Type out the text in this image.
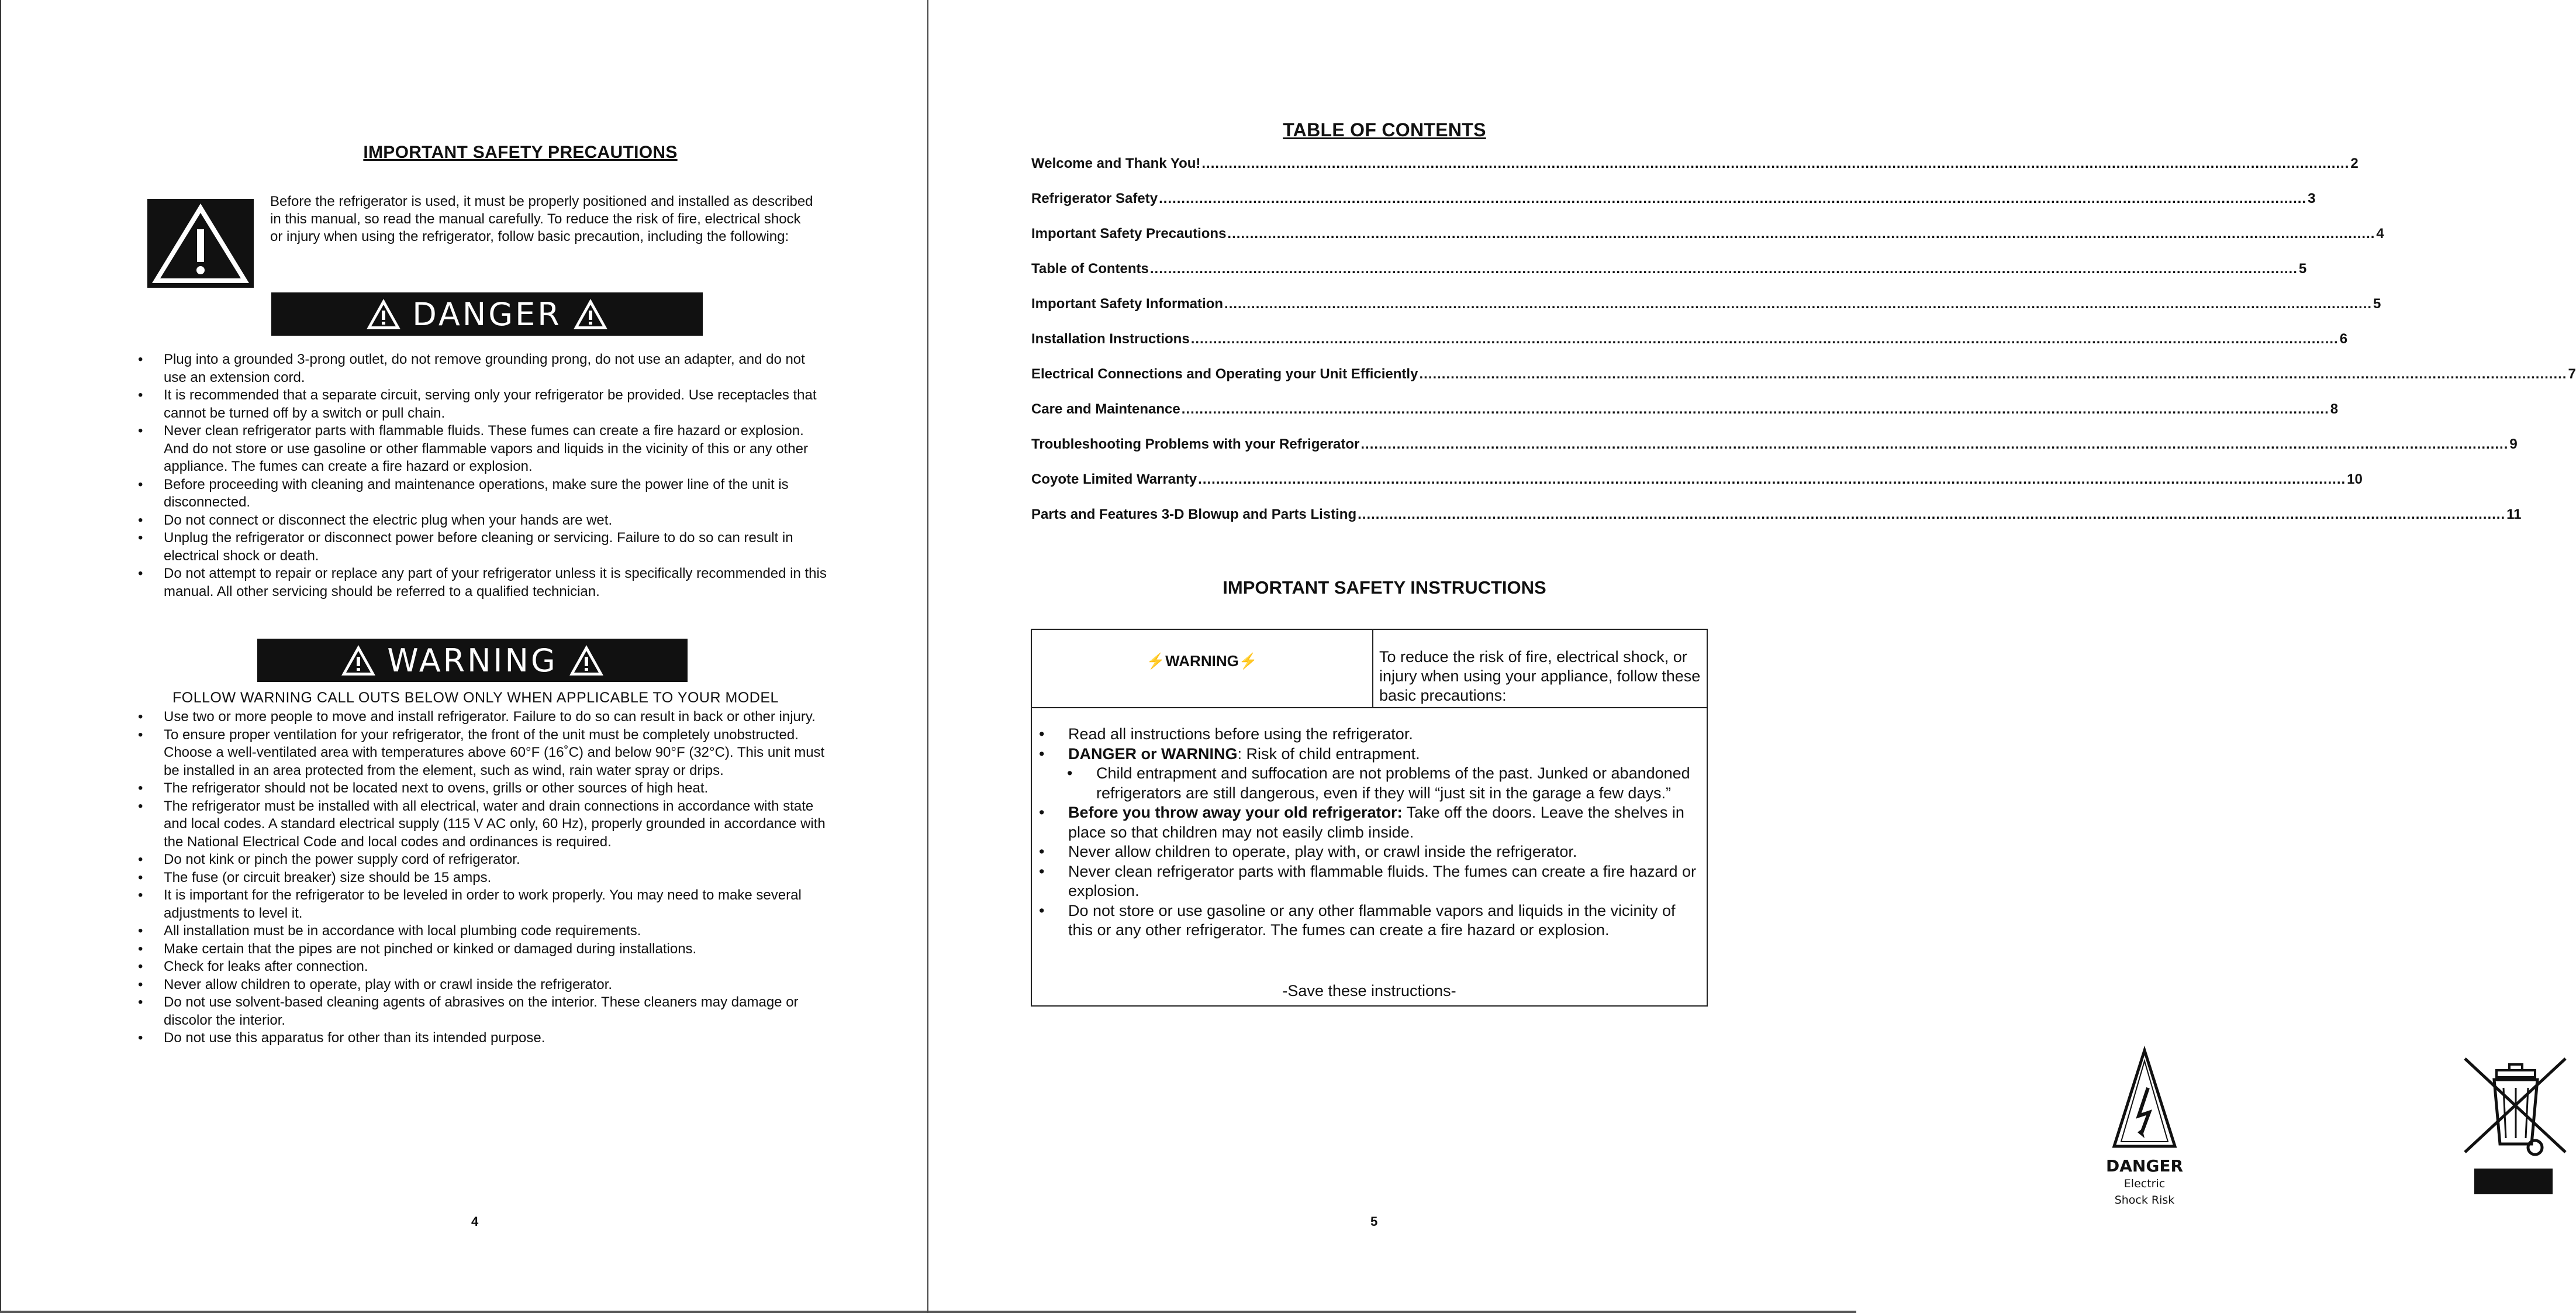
IMPORTANT SAFETY PRECAUTIONS
Before the refrigerator is used, it must be properly positioned and installed as described in this manual, so read the manual carefully. To reduce the risk of fire, electrical shock or injury when using the refrigerator, follow basic precaution, including the following:
DANGER
• Plug into a grounded 3-prong outlet, do not remove grounding prong, do not use an adapter, and do not use an extension cord.
• It is recommended that a separate circuit, serving only your refrigerator be provided. Use receptacles that cannot be turned off by a switch or pull chain.
• Never clean refrigerator parts with flammable fluids. These fumes can create a fire hazard or explosion. And do not store or use gasoline or other flammable vapors and liquids in the vicinity of this or any other appliance. The fumes can create a fire hazard or explosion.
• Before proceeding with cleaning and maintenance operations, make sure the power line of the unit is disconnected.
• Do not connect or disconnect the electric plug when your hands are wet.
• Unplug the refrigerator or disconnect power before cleaning or servicing. Failure to do so can result in electrical shock or death.
• Do not attempt to repair or replace any part of your refrigerator unless it is specifically recommended in this manual. All other servicing should be referred to a qualified technician.
WARNING
FOLLOW WARNING CALL OUTS BELOW ONLY WHEN APPLICABLE TO YOUR MODEL
• Use two or more people to move and install refrigerator. Failure to do so can result in back or other injury.
• To ensure proper ventilation for your refrigerator, the front of the unit must be completely unobstructed. Choose a well-ventilated area with temperatures above 60°F (16˚C) and below 90°F (32°C). This unit must be installed in an area protected from the element, such as wind, rain water spray or drips.
• The refrigerator should not be located next to ovens, grills or other sources of high heat.
• The refrigerator must be installed with all electrical, water and drain connections in accordance with state and local codes. A standard electrical supply (115 V AC only, 60 Hz), properly grounded in accordance with the National Electrical Code and local codes and ordinances is required.
• Do not kink or pinch the power supply cord of refrigerator.
• The fuse (or circuit breaker) size should be 15 amps.
• It is important for the refrigerator to be leveled in order to work properly. You may need to make several adjustments to level it.
• All installation must be in accordance with local plumbing code requirements.
• Make certain that the pipes are not pinched or kinked or damaged during installations.
• Check for leaks after connection.
• Never allow children to operate, play with or crawl inside the refrigerator.
• Do not use solvent-based cleaning agents of abrasives on the interior. These cleaners may damage or discolor the interior.
• Do not use this apparatus for other than its intended purpose.
4
TABLE OF CONTENTS
Welcome and Thank You! .....	2
Refrigerator Safety .....	3
Important Safety Precautions .....	4
Table of Contents .....	5
Important Safety Information .....	5
Installation Instructions .....	6
Electrical Connections and Operating your Unit Efficiently .....	7
Care and Maintenance .....	8
Troubleshooting Problems with your Refrigerator .....	9
Coyote Limited Warranty .....	10
Parts and Features 3-D Blowup and Parts Listing .....	11
IMPORTANT SAFETY INSTRUCTIONS
⚡WARNING⚡	To reduce the risk of fire, electrical shock, or injury when using your appliance, follow these basic precautions:
• Read all instructions before using the refrigerator.
• DANGER or WARNING: Risk of child entrapment.
• Child entrapment and suffocation are not problems of the past. Junked or abandoned refrigerators are still dangerous, even if they will “just sit in the garage a few days.”
• Before you throw away your old refrigerator: Take off the doors. Leave the shelves in place so that children may not easily climb inside.
• Never allow children to operate, play with, or crawl inside the refrigerator.
• Never clean refrigerator parts with flammable fluids. The fumes can create a fire hazard or explosion.
• Do not store or use gasoline or any other flammable vapors and liquids in the vicinity of this or any other refrigerator. The fumes can create a fire hazard or explosion.
-Save these instructions-
DANGER
Electric
Shock Risk
5
